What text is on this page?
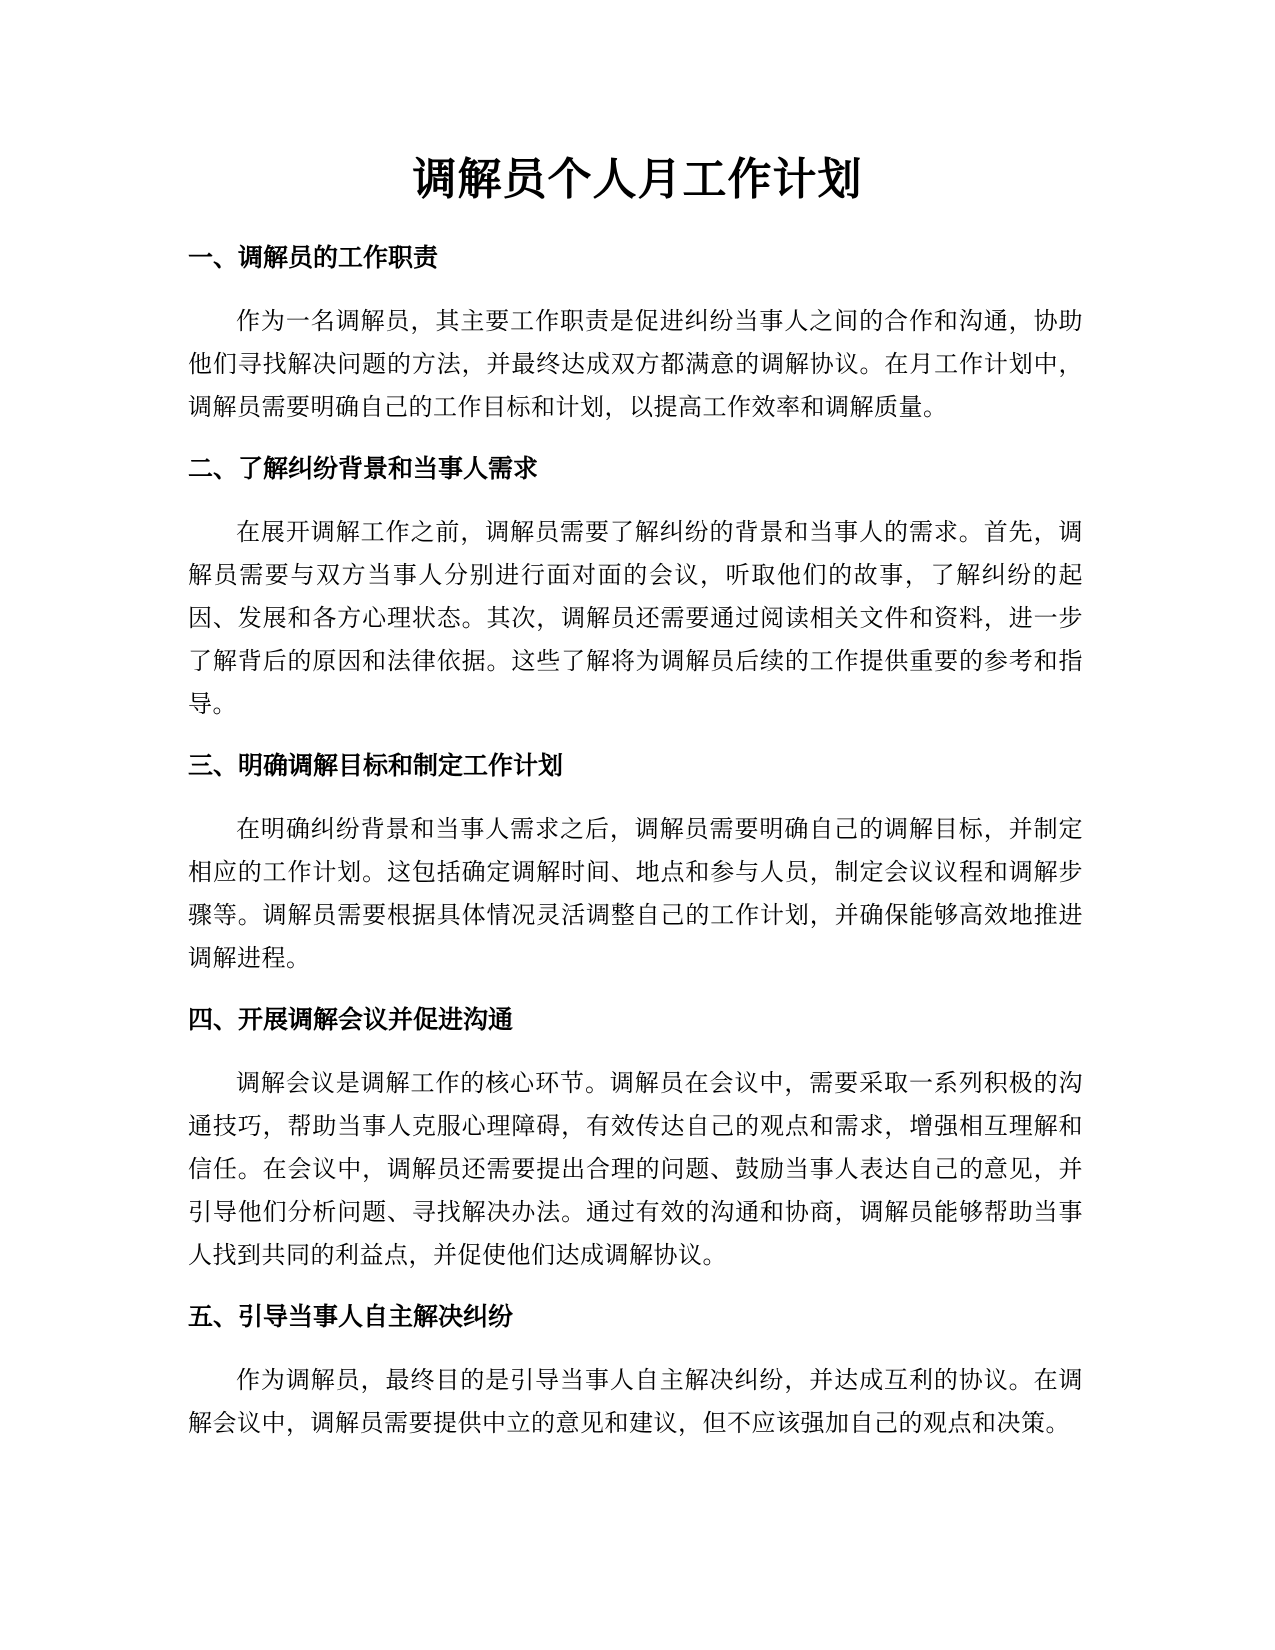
调解员个人月工作计划
一、调解员的工作职责

作为一名调解员，其主要工作职责是促进纠纷当事人之间的合作和沟通，协助他们寻找解决问题的方法，并最终达成双方都满意的调解协议。在月工作计划中，调解员需要明确自己的工作目标和计划，以提高工作效率和调解质量。

二、了解纠纷背景和当事人需求

在展开调解工作之前，调解员需要了解纠纷的背景和当事人的需求。首先，调解员需要与双方当事人分别进行面对面的会议，听取他们的故事，了解纠纷的起因、发展和各方心理状态。其次，调解员还需要通过阅读相关文件和资料，进一步了解背后的原因和法律依据。这些了解将为调解员后续的工作提供重要的参考和指导。

三、明确调解目标和制定工作计划

在明确纠纷背景和当事人需求之后，调解员需要明确自己的调解目标，并制定相应的工作计划。这包括确定调解时间、地点和参与人员，制定会议议程和调解步骤等。调解员需要根据具体情况灵活调整自己的工作计划，并确保能够高效地推进调解进程。

四、开展调解会议并促进沟通

调解会议是调解工作的核心环节。调解员在会议中，需要采取一系列积极的沟通技巧，帮助当事人克服心理障碍，有效传达自己的观点和需求，增强相互理解和信任。在会议中，调解员还需要提出合理的问题、鼓励当事人表达自己的意见，并引导他们分析问题、寻找解决办法。通过有效的沟通和协商，调解员能够帮助当事人找到共同的利益点，并促使他们达成调解协议。

五、引导当事人自主解决纠纷

作为调解员，最终目的是引导当事人自主解决纠纷，并达成互利的协议。在调解会议中，调解员需要提供中立的意见和建议，但不应该强加自己的观点和决策。
